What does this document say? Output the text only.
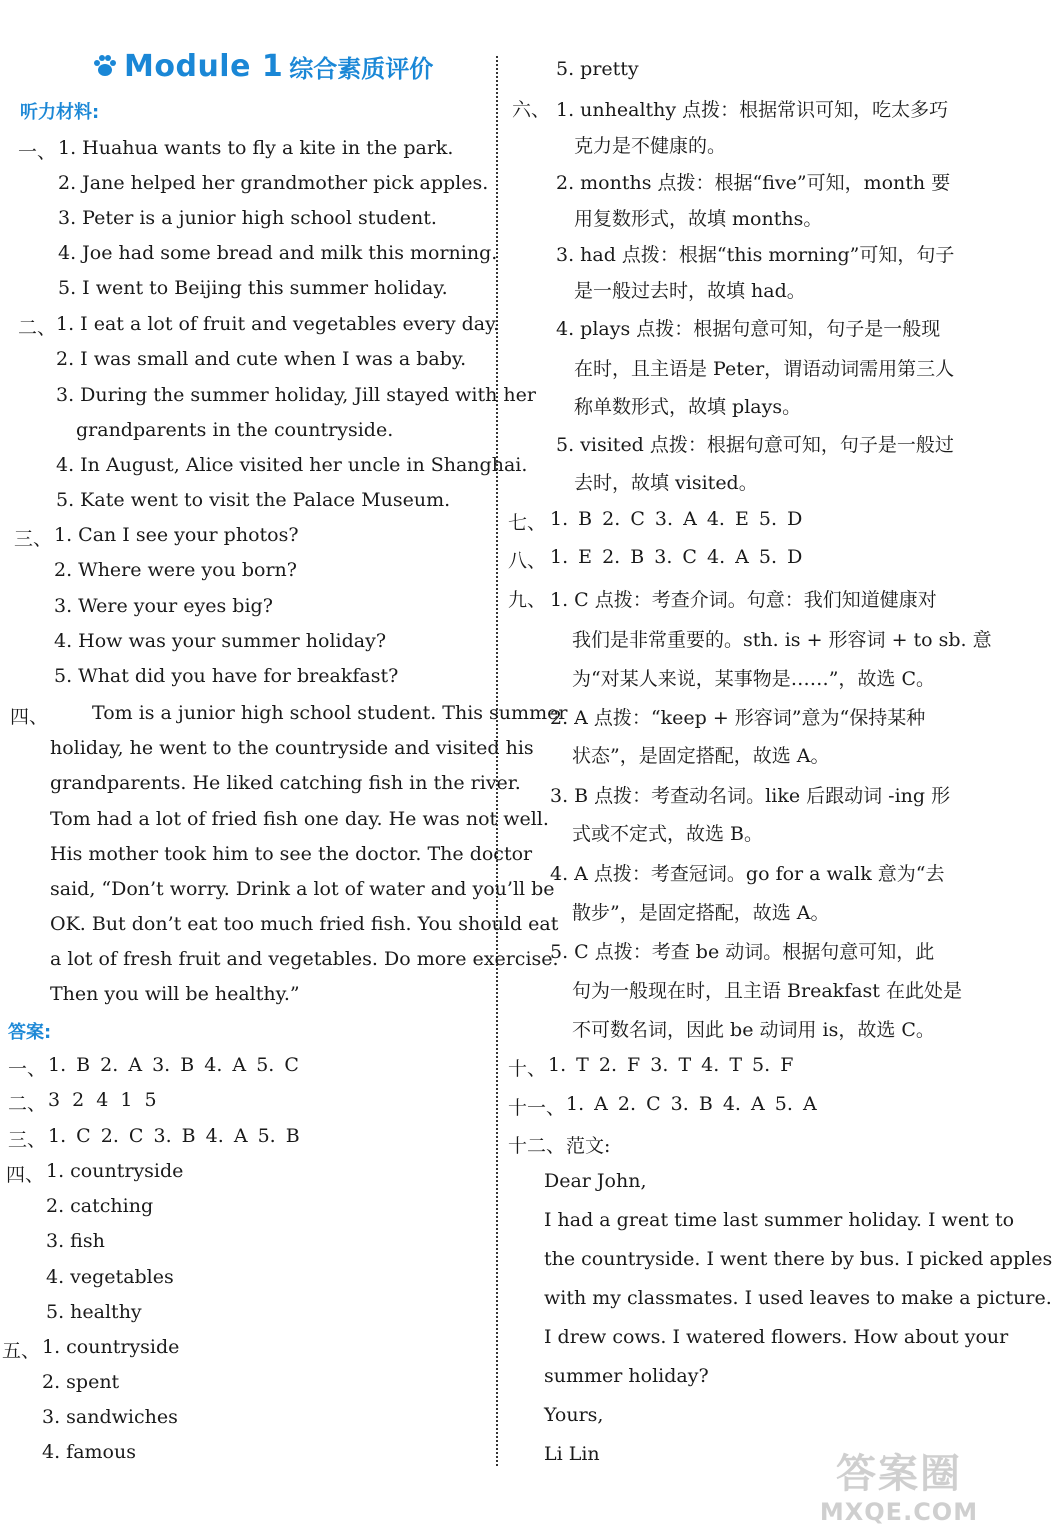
Module 1 综合素质评价
听力材料:
一、 1. Huahua wants to fly a kite in the park.
2. Jane helped her grandmother pick apples.
3. Peter is a junior high school student.
4. Joe had some bread and milk this morning.
5. I went to Beijing this summer holiday.
二、 1. I eat a lot of fruit and vegetables every day.
2. I was small and cute when I was a baby.
3. During the summer holiday, Jill stayed with her
grandparents in the countryside.
4. In August, Alice visited her uncle in Shanghai.
5. Kate went to visit the Palace Museum.
三、 1. Can I see your photos?
2. Where were you born?
3. Were your eyes big?
4. How was your summer holiday?
5. What did you have for breakfast?
四、 Tom is a junior high school student. This summer
holiday, he went to the countryside and visited his
grandparents. He liked catching fish in the river.
Tom had a lot of fried fish one day. He was not well.
His mother took him to see the doctor. The doctor
said, “Don’t worry. Drink a lot of water and you’ll be
OK. But don’t eat too much fried fish. You should eat
a lot of fresh fruit and vegetables. Do more exercise.
Then you will be healthy.”
答案:
一、 1. B 2. A 3. B 4. A 5. C
二、 3 2 4 1 5
三、 1. C 2. C 3. B 4. A 5. B
四、 1. countryside
2. catching
3. fish
4. vegetables
5. healthy
五、 1. countryside
2. spent
3. sandwiches
4. famous
5. pretty
六、 1. unhealthy 点拨：根据常识可知，吃太多巧
克力是不健康的。
2. months 点拨：根据“five”可知，month 要
用复数形式，故填 months。
3. had 点拨：根据“this morning”可知，句子
是一般过去时，故填 had。
4. plays 点拨：根据句意可知，句子是一般现
在时，且主语是 Peter，谓语动词需用第三人
称单数形式，故填 plays。
5. visited 点拨：根据句意可知，句子是一般过
去时，故填 visited。
七、 1. B 2. C 3. A 4. E 5. D
八、 1. E 2. B 3. C 4. A 5. D
九、 1. C 点拨：考查介词。句意：我们知道健康对
我们是非常重要的。sth. is + 形容词 + to sb. 意
为“对某人来说，某事物是……”，故选 C。
2. A 点拨：“keep + 形容词”意为“保持某种
状态”，是固定搭配，故选 A。
3. B 点拨：考查动名词。like 后跟动词 -ing 形
式或不定式，故选 B。
4. A 点拨：考查冠词。go for a walk 意为“去
散步”，是固定搭配，故选 A。
5. C 点拨：考查 be 动词。根据句意可知，此
句为一般现在时，且主语 Breakfast 在此处是
不可数名词，因此 be 动词用 is，故选 C。
十、 1. T 2. F 3. T 4. T 5. F
十一、 1. A 2. C 3. B 4. A 5. A
十二、 范文:
Dear John,
I had a great time last summer holiday. I went to
the countryside. I went there by bus. I picked apples
with my classmates. I used leaves to make a picture.
I drew cows. I watered flowers. How about your
summer holiday?
Yours,
Li Lin	答案圈
MXQE.COM
